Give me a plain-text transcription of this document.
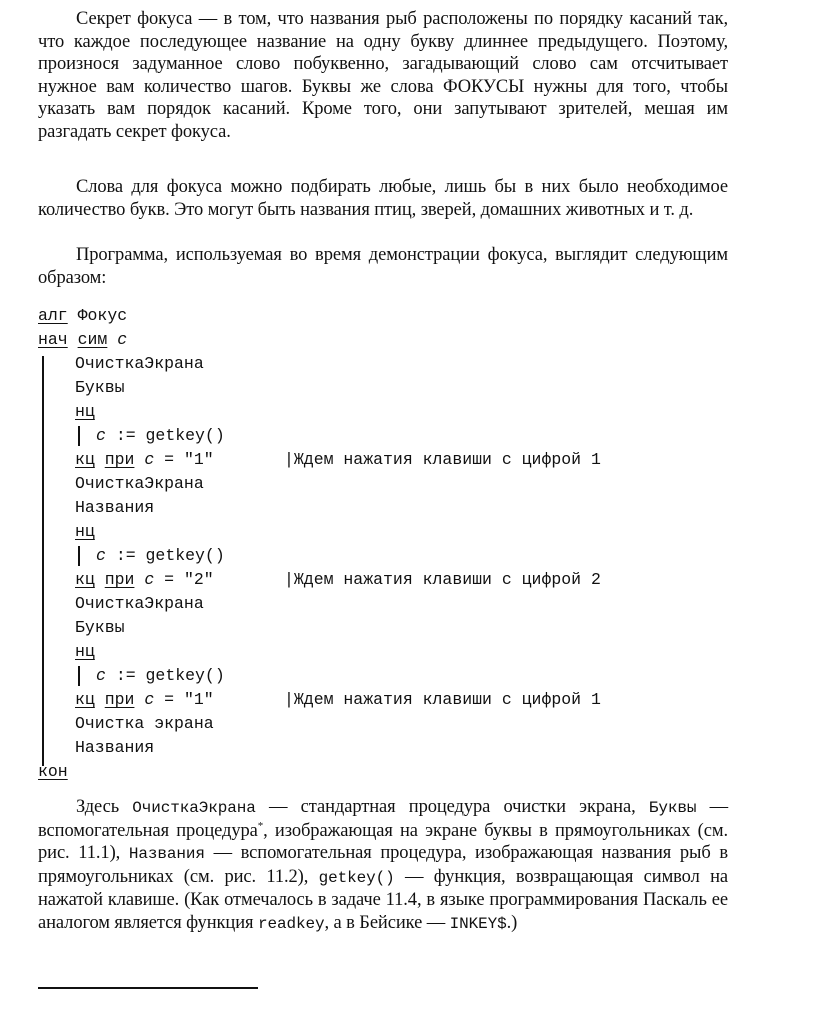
Секрет фокуса — в том, что названия рыб расположены по порядку касаний так, что каждое последующее название на одну букву длиннее предыдущего. Поэтому, произнося задуманное слово побуквенно, загадывающий слово сам отсчитывает нужное вам количество шагов. Буквы же слова ФОКУСЫ нужны для того, чтобы указать вам порядок касаний. Кроме того, они запутывают зрителей, мешая им разгадать секрет фокуса.

Слова для фокуса можно подбирать любые, лишь бы в них было необходимое количество букв. Это могут быть названия птиц, зверей, домашних животных и т. д.

Программа, используемая во время демонстрации фокуса, выглядит следующим образом:

алг Фокус
нач сим c
ОчисткаЭкрана
Буквы
нц
c := getkey()
кц при c = "1"	|Ждем нажатия клавиши с цифрой 1
ОчисткаЭкрана
Названия
нц
c := getkey()
кц при c = "2"	|Ждем нажатия клавиши с цифрой 2
ОчисткаЭкрана
Буквы
нц
c := getkey()
кц при c = "1"	|Ждем нажатия клавиши с цифрой 1
Очистка экрана
Названия
кон

Здесь ОчисткаЭкрана — стандартная процедура очистки экрана, Буквы — вспомогательная процедура*, изображающая на экране буквы в прямоугольниках (см. рис. 11.1), Названия — вспомогательная процедура, изображающая названия рыб в прямоугольниках (см. рис. 11.2), getkey() — функция, возвращающая символ на нажатой клавише. (Как отмечалось в задаче 11.4, в языке программирования Паскаль ее аналогом является функция readkey, а в Бейсике — INKEY$.)
